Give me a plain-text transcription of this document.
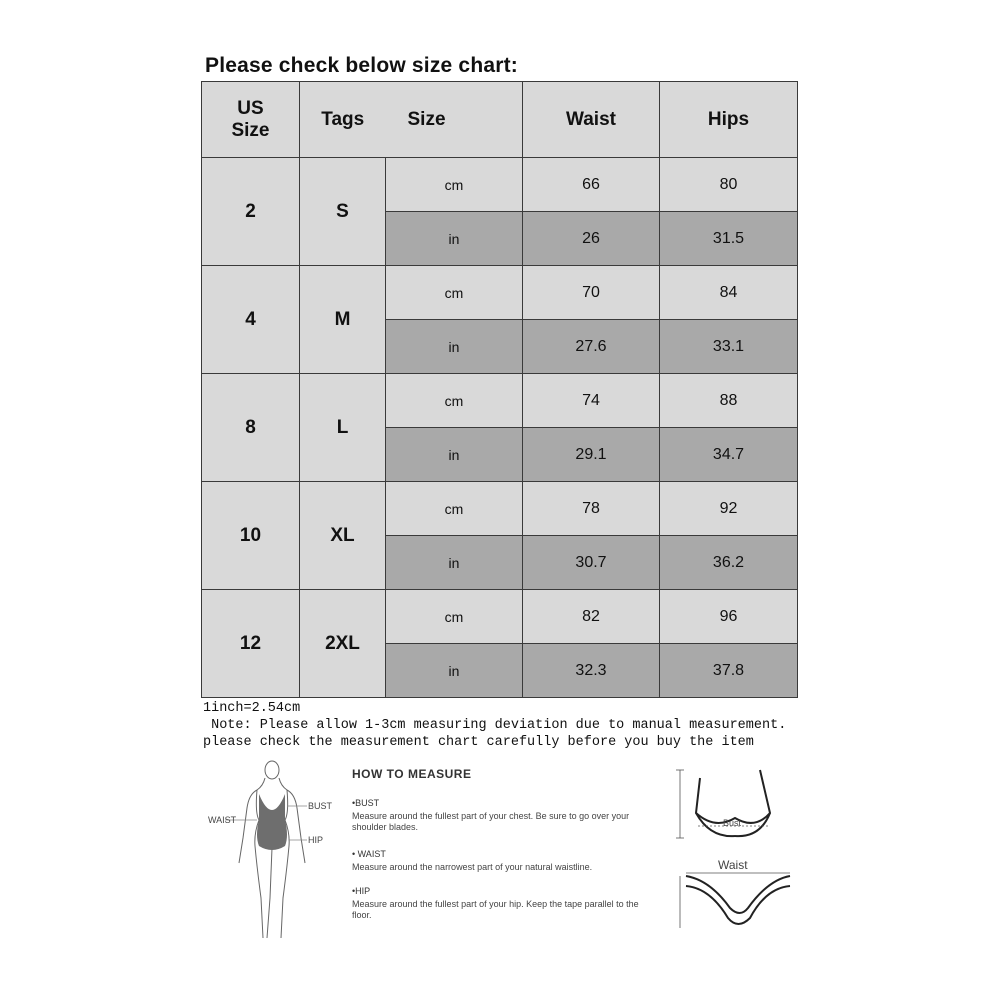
Please check below size chart:
US
Size	Tags	Size	Waist	Hips
2	S	cm	66	80
		in	26	31.5
4	M	cm	70	84
		in	27.6	33.1
8	L	cm	74	88
		in	29.1	34.7
10	XL	cm	78	92
		in	30.7	36.2
12	2XL	cm	82	96
		in	32.3	37.8
1inch=2.54cm
Note: Please allow 1-3cm measuring deviation due to manual measurement.
please check the measurement chart carefully before you buy the item
WAIST
BUST
HIP
HOW TO MEASURE
•BUST
Measure around the fullest part of your chest. Be sure to go over your shoulder blades.
• WAIST
Measure around the narrowest part of your natural waistline.
•HIP
Measure around the fullest part of your hip. Keep the tape parallel to the floor.
Bust
Waist
